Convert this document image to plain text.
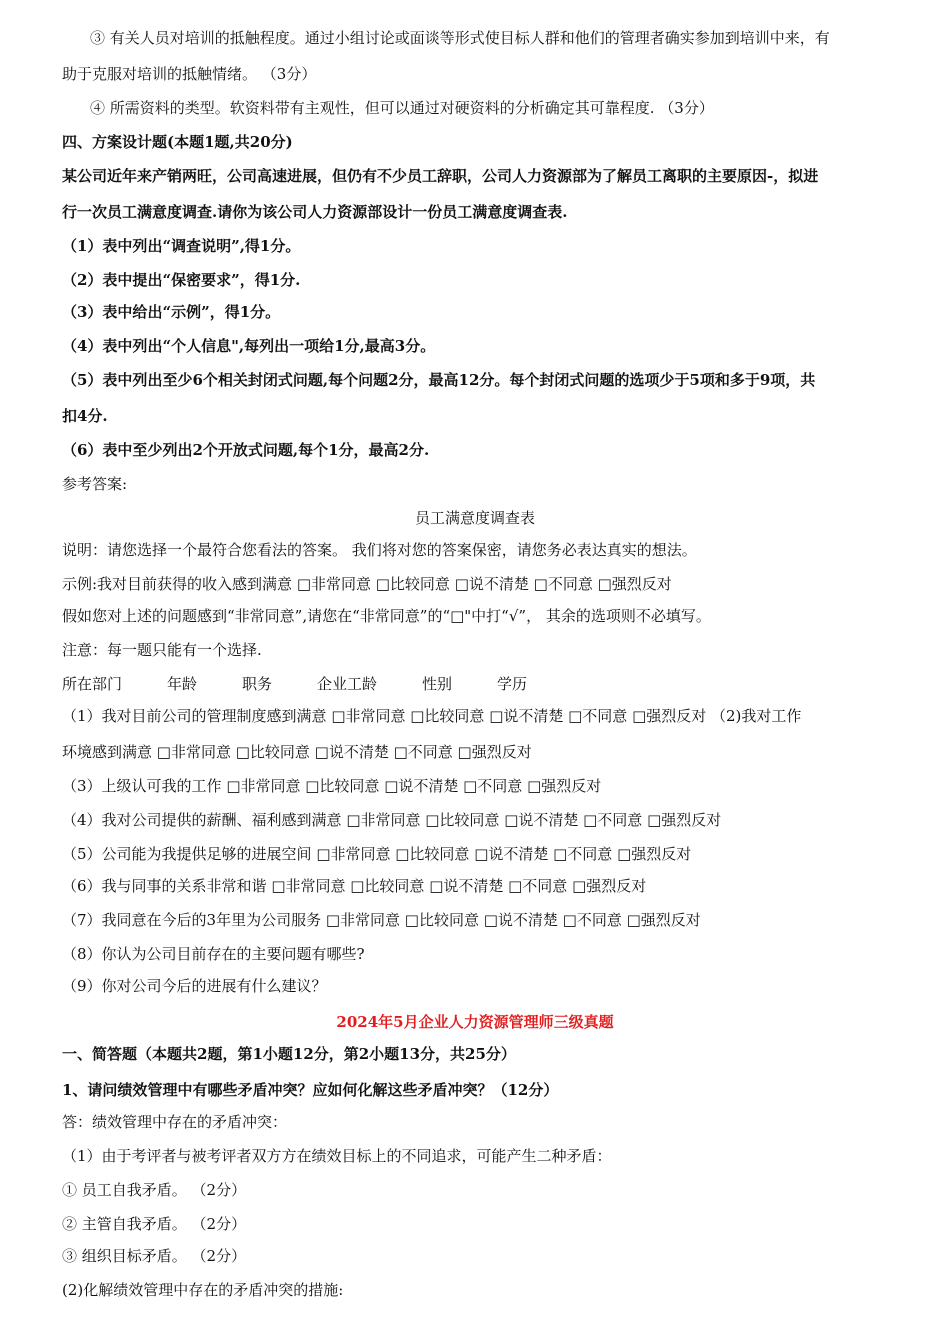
③ 有关人员对培训的抵触程度。通过小组讨论或面谈等形式使目标人群和他们的管理者确实参加到培训中来，有
助于克服对培训的抵触情绪。 （3分）
④ 所需资料的类型。软资料带有主观性，但可以通过对硬资料的分析确定其可靠程度. （3分）
四、方案设计题(本题1题,共20分)
某公司近年来产销两旺，公司高速进展，但仍有不少员工辞职，公司人力资源部为了解员工离职的主要原因-，拟进
行一次员工满意度调查.请你为该公司人力资源部设计一份员工满意度调查表.
（1）表中列出“调查说明”,得1分。
（2）表中提出“保密要求”，得1分.
（3）表中给出“示例”，得1分。
（4）表中列出“个人信息",每列出一项给1分,最高3分。
（5）表中列出至少6个相关封闭式问题,每个问题2分，最高12分。每个封闭式问题的选项少于5项和多于9项，共
扣4分.
（6）表中至少列出2个开放式问题,每个1分，最高2分.
参考答案:
员工满意度调查表
说明：请您选择一个最符合您看法的答案。 我们将对您的答案保密，请您务必表达真实的想法。
示例:我对目前获得的收入感到满意 □非常同意 □比较同意 □说不清楚 □不同意 □强烈反对
假如您对上述的问题感到“非常同意”,请您在“非常同意”的“□"中打“√”， 其余的选项则不必填写。
注意：每一题只能有一个选择.
所在部门　　　年龄　　　职务　　　企业工龄　　　性别　　　学历
（1）我对目前公司的管理制度感到满意 □非常同意 □比较同意 □说不清楚 □不同意 □强烈反对 （2)我对工作
环境感到满意 □非常同意 □比较同意 □说不清楚 □不同意 □强烈反对
（3）上级认可我的工作 □非常同意 □比较同意 □说不清楚 □不同意 □强烈反对
（4）我对公司提供的薪酬、福利感到满意 □非常同意 □比较同意 □说不清楚 □不同意 □强烈反对
（5）公司能为我提供足够的进展空间 □非常同意 □比较同意 □说不清楚 □不同意 □强烈反对
（6）我与同事的关系非常和谐 □非常同意 □比较同意 □说不清楚 □不同意 □强烈反对
（7）我同意在今后的3年里为公司服务 □非常同意 □比较同意 □说不清楚 □不同意 □强烈反对
（8）你认为公司目前存在的主要问题有哪些?
（9）你对公司今后的进展有什么建议？
2024年5月企业人力资源管理师三级真题
一、简答题（本题共2题，第1小题12分，第2小题13分，共25分）
1、请问绩效管理中有哪些矛盾冲突？应如何化解这些矛盾冲突？（12分）
答：绩效管理中存在的矛盾冲突：
（1）由于考评者与被考评者双方方在绩效目标上的不同追求，可能产生二种矛盾：
① 员工自我矛盾。 （2分）
② 主管自我矛盾。 （2分）
③ 组织目标矛盾。 （2分）
(2)化解绩效管理中存在的矛盾冲突的措施:
